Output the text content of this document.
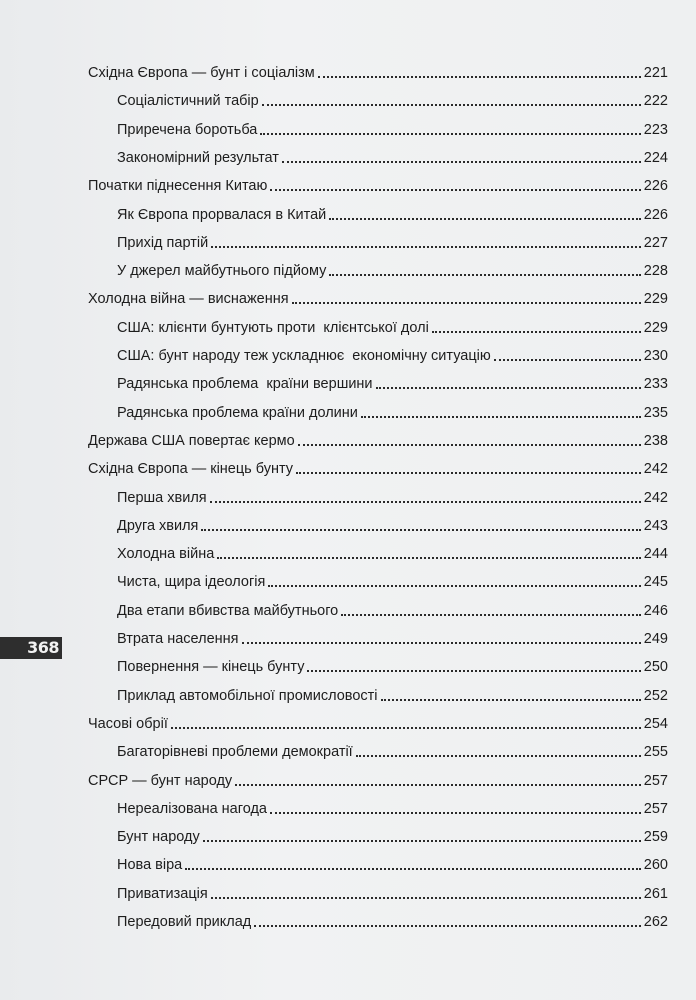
Східна Європа — бунт і соціалізм	221
Соціалістичний табір	222
Приречена боротьба	223
Закономірний результат	224
Початки піднесення Китаю	226
Як Європа прорвалася в Китай	226
Прихід партій	227
У джерел майбутнього підйому	228
Холодна війна — виснаження	229
США: клієнти бунтують проти  клієнтської долі	229
США: бунт народу теж ускладнює  економічну ситуацію	230
Радянська проблема  країни вершини	233
Радянська проблема країни долини	235
Держава США повертає кермо	238
Східна Європа — кінець бунту	242
Перша хвиля	242
Друга хвиля	243
Холодна війна	244
Чиста, щира ідеологія	245
Два етапи вбивства майбутнього	246
Втрата населення	249
Повернення — кінець бунту	250
Приклад автомобільної промисловості	252
Часові обрії	254
Багаторівневі проблеми демократії	255
СРСР — бунт народу	257
Нереалізована нагода	257
Бунт народу	259
Нова віра	260
Приватизація	261
Передовий приклад	262
368
